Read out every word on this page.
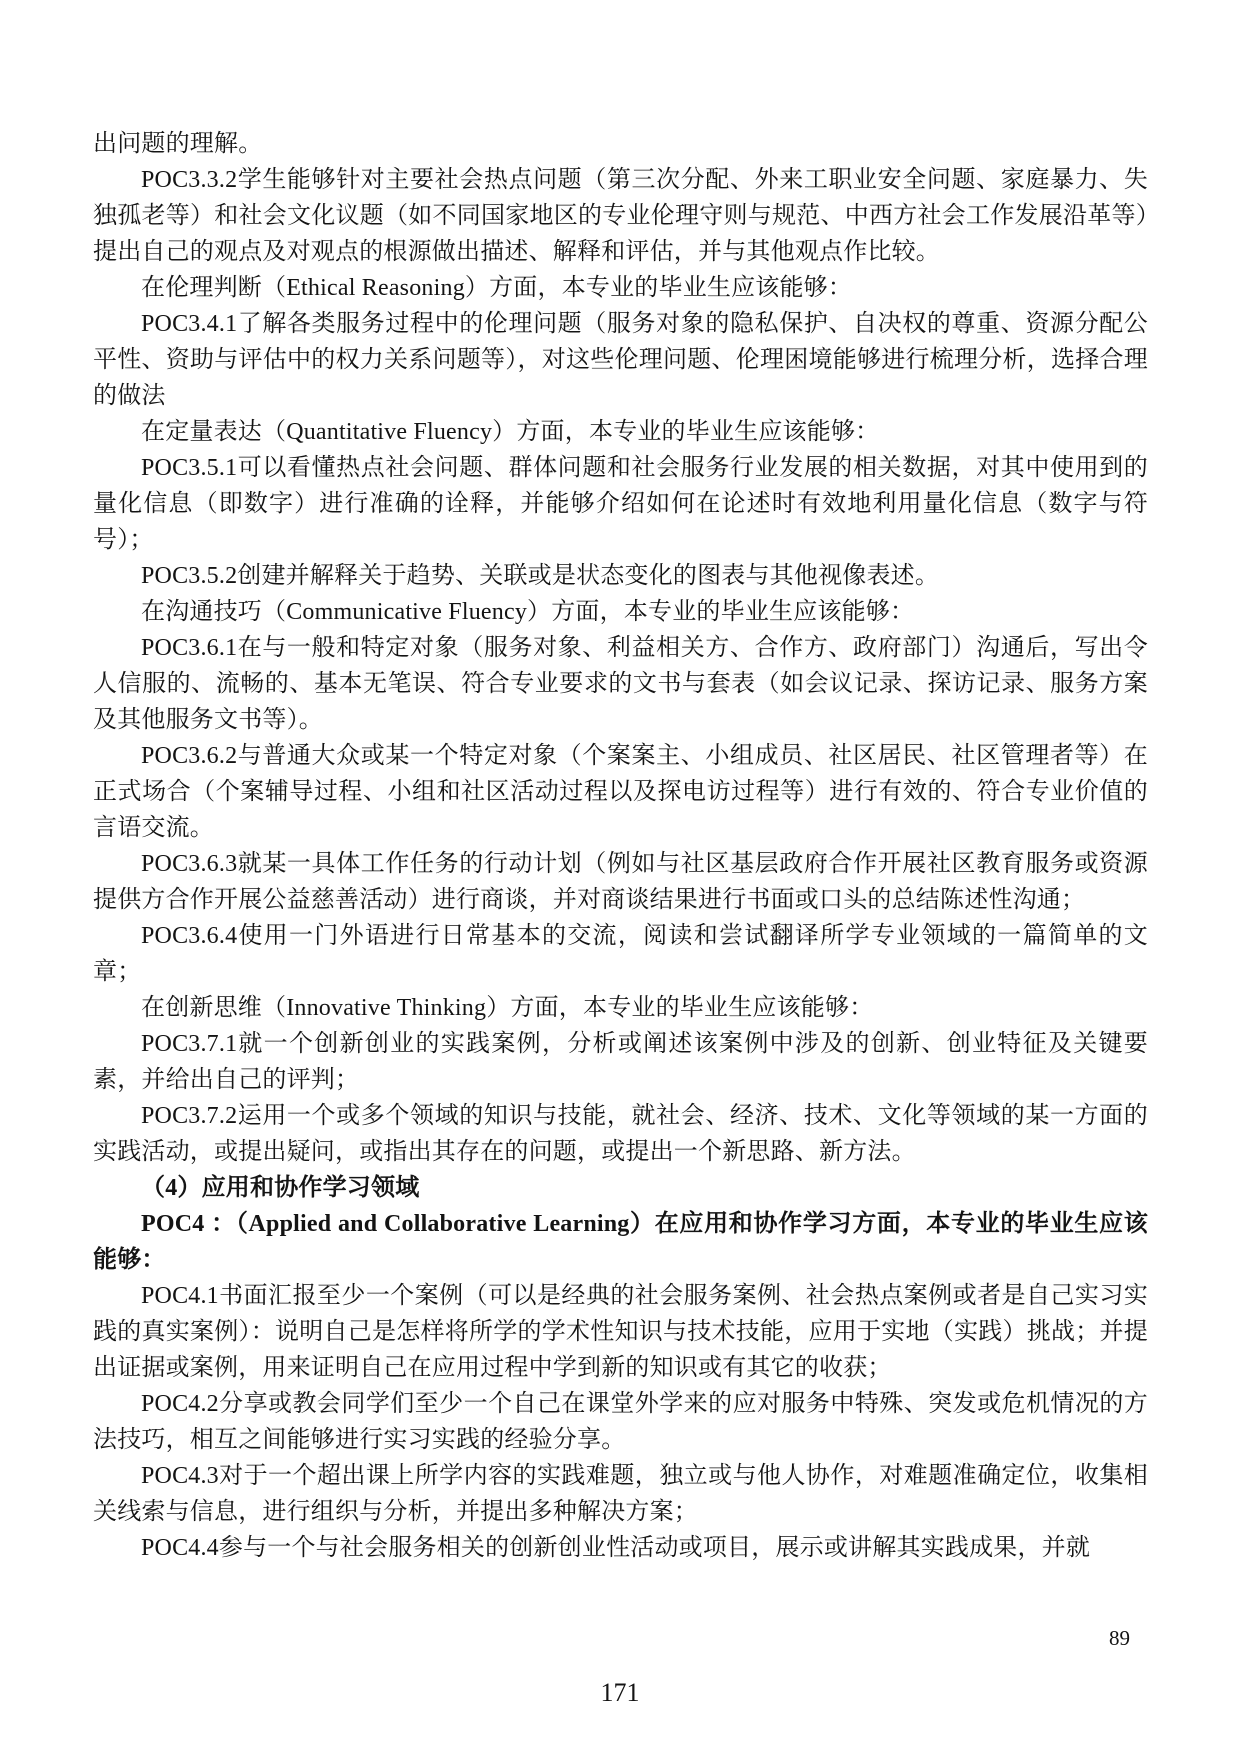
出问题的理解。

POC3.3.2学生能够针对主要社会热点问题（第三次分配、外来工职业安全问题、家庭暴力、失独孤老等）和社会文化议题（如不同国家地区的专业伦理守则与规范、中西方社会工作发展沿革等）提出自己的观点及对观点的根源做出描述、解释和评估，并与其他观点作比较。

在伦理判断（Ethical Reasoning）方面，本专业的毕业生应该能够：

POC3.4.1了解各类服务过程中的伦理问题（服务对象的隐私保护、自决权的尊重、资源分配公平性、资助与评估中的权力关系问题等），对这些伦理问题、伦理困境能够进行梳理分析，选择合理的做法

在定量表达（Quantitative Fluency）方面，本专业的毕业生应该能够：

POC3.5.1可以看懂热点社会问题、群体问题和社会服务行业发展的相关数据，对其中使用到的量化信息（即数字）进行准确的诠释，并能够介绍如何在论述时有效地利用量化信息（数字与符号）；

POC3.5.2创建并解释关于趋势、关联或是状态变化的图表与其他视像表述。

在沟通技巧（Communicative Fluency）方面，本专业的毕业生应该能够：

POC3.6.1在与一般和特定对象（服务对象、利益相关方、合作方、政府部门）沟通后，写出令人信服的、流畅的、基本无笔误、符合专业要求的文书与套表（如会议记录、探访记录、服务方案及其他服务文书等）。

POC3.6.2与普通大众或某一个特定对象（个案案主、小组成员、社区居民、社区管理者等）在正式场合（个案辅导过程、小组和社区活动过程以及探电访过程等）进行有效的、符合专业价值的言语交流。

POC3.6.3就某一具体工作任务的行动计划（例如与社区基层政府合作开展社区教育服务或资源提供方合作开展公益慈善活动）进行商谈，并对商谈结果进行书面或口头的总结陈述性沟通；

POC3.6.4使用一门外语进行日常基本的交流，阅读和尝试翻译所学专业领域的一篇简单的文章；

在创新思维（Innovative Thinking）方面，本专业的毕业生应该能够：

POC3.7.1就一个创新创业的实践案例，分析或阐述该案例中涉及的创新、创业特征及关键要素，并给出自己的评判；

POC3.7.2运用一个或多个领域的知识与技能，就社会、经济、技术、文化等领域的某一方面的实践活动，或提出疑问，或指出其存在的问题，或提出一个新思路、新方法。

（4）应用和协作学习领域

POC4 ：（Applied and Collaborative Learning）在应用和协作学习方面，本专业的毕业生应该能够：

POC4.1书面汇报至少一个案例（可以是经典的社会服务案例、社会热点案例或者是自己实习实践的真实案例）：说明自己是怎样将所学的学术性知识与技术技能，应用于实地（实践）挑战；并提出证据或案例，用来证明自己在应用过程中学到新的知识或有其它的收获；

POC4.2分享或教会同学们至少一个自己在课堂外学来的应对服务中特殊、突发或危机情况的方法技巧，相互之间能够进行实习实践的经验分享。

POC4.3对于一个超出课上所学内容的实践难题，独立或与他人协作，对难题准确定位，收集相关线索与信息，进行组织与分析，并提出多种解决方案；

POC4.4参与一个与社会服务相关的创新创业性活动或项目，展示或讲解其实践成果，并就

89
171
